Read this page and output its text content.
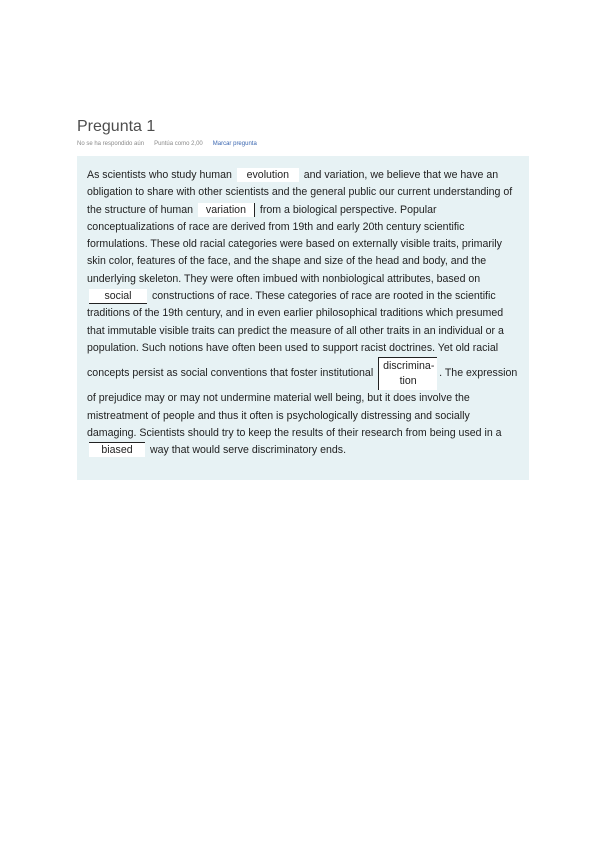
Pregunta 1
No se ha respondido aún Puntúa como 2,00 Marcar pregunta
As scientists who study human evolution and variation, we believe that we have an obligation to share with other scientists and the general public our current understanding of the structure of human variation from a biological perspective. Popular conceptualizations of race are derived from 19th and early 20th century scientific formulations. These old racial categories were based on externally visible traits, primarily skin color, features of the face, and the shape and size of the head and body, and the underlying skeleton. They were often imbued with nonbiological attributes, based on social constructions of race. These categories of race are rooted in the scientific traditions of the 19th century, and in even earlier philosophical traditions which presumed that immutable visible traits can predict the measure of all other traits in an individual or a population. Such notions have often been used to support racist doctrines. Yet old racial concepts persist as social conventions that foster institutional discrimina- tion. The expression of prejudice may or may not undermine material well being, but it does involve the mistreatment of people and thus it often is psychologically distressing and socially damaging. Scientists should try to keep the results of their research from being used in a biased way that would serve discriminatory ends.
